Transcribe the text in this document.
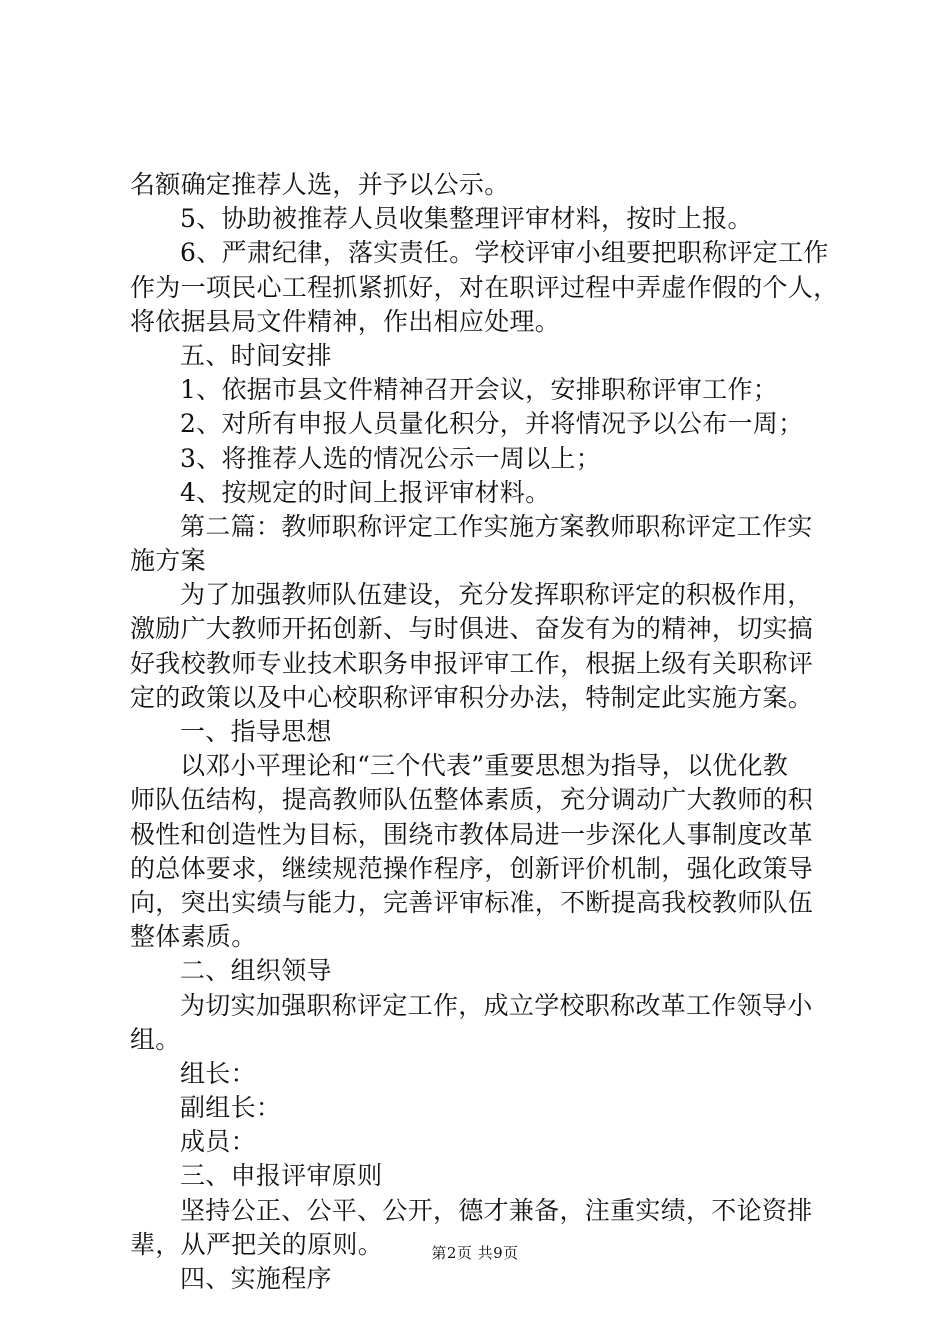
名额确定推荐人选，并予以公示。
5、协助被推荐人员收集整理评审材料，按时上报。
6、严肃纪律，落实责任。学校评审小组要把职称评定工作
作为一项民心工程抓紧抓好，对在职评过程中弄虚作假的个人，
将依据县局文件精神，作出相应处理。
五、时间安排
1、依据市县文件精神召开会议，安排职称评审工作；
2、对所有申报人员量化积分，并将情况予以公布一周；
3、将推荐人选的情况公示一周以上；
4、按规定的时间上报评审材料。
第二篇：教师职称评定工作实施方案教师职称评定工作实
施方案
为了加强教师队伍建设，充分发挥职称评定的积极作用，
激励广大教师开拓创新、与时俱进、奋发有为的精神，切实搞
好我校教师专业技术职务申报评审工作，根据上级有关职称评
定的政策以及中心校职称评审积分办法，特制定此实施方案。
一、指导思想
以邓小平理论和“三个代表”重要思想为指导，以优化教
师队伍结构，提高教师队伍整体素质，充分调动广大教师的积
极性和创造性为目标，围绕市教体局进一步深化人事制度改革
的总体要求，继续规范操作程序，创新评价机制，强化政策导
向，突出实绩与能力，完善评审标准，不断提高我校教师队伍
整体素质。
二、组织领导
为切实加强职称评定工作，成立学校职称改革工作领导小
组。
组长：
副组长：
成员：
三、申报评审原则
坚持公正、公平、公开，德才兼备，注重实绩，不论资排
辈，从严把关的原则。
四、实施程序
第2页 共9页
